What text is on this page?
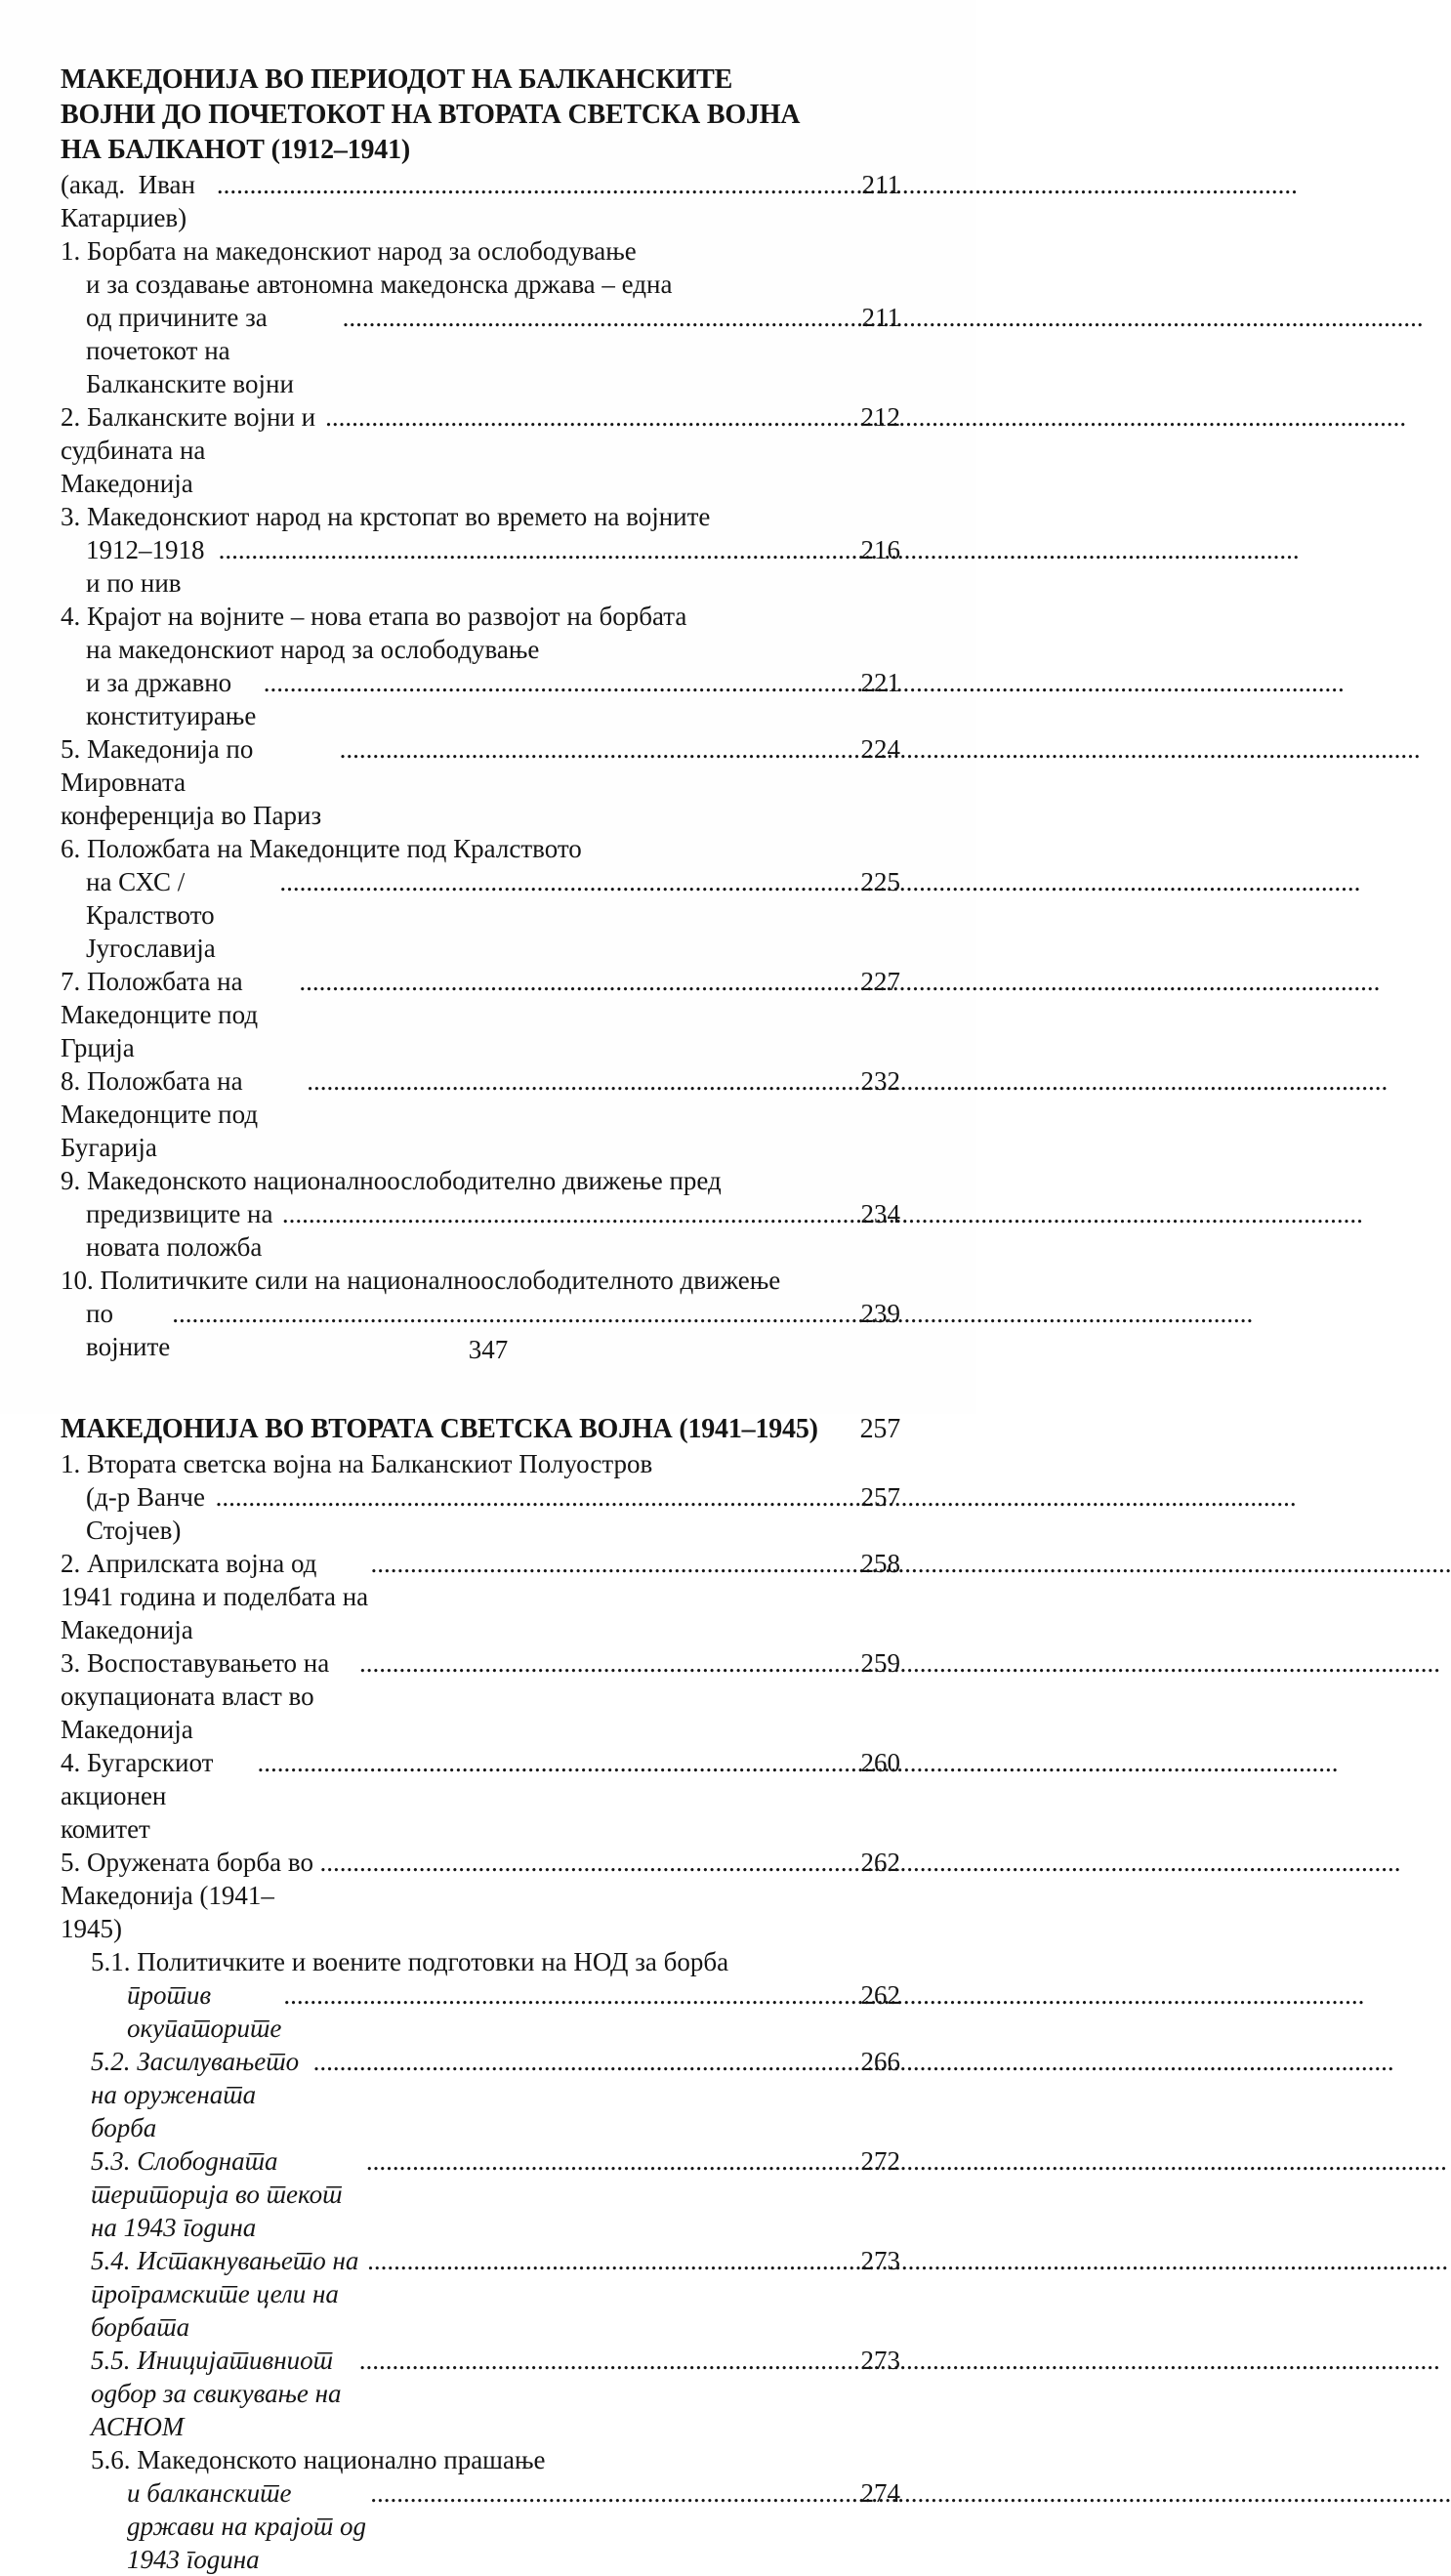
МАКЕДОНИЈА ВО ПЕРИОДОТ НА БАЛКАНСКИТЕ
ВОЈНИ ДО ПОЧЕТОКОТ НА ВТОРАТА СВЕТСКА ВОЈНА
НА БАЛКАНОТ (1912–1941)
(акад.  Иван Катарџиев)
.....
211
1. Борбата на македонскиот народ за ослободување
и за создавање автономна македонска држава – една
од причините за почетокот на Балканските војни
.....
211
2. Балканските војни и судбината на Македонија
.....
212
3. Македонскиот народ на крстопат во времето на војните
1912–1918 и по нив
.....
216
4. Крајот на војните – нова етапа во развојот на борбата
на македонскиот народ за ослободување
и за државно конституирање
.....
221
5. Македонија по Мировната конференција во Париз
.....
224
6. Положбата на Македонците под Кралството
на СХС / Кралството Југославија
.....
225
7. Положбата на Македонците под Грција
.....
227
8. Положбата на Македонците под Бугарија
.....
232
9. Македонското националноослободително движење пред
предизвиците на новата положба
.....
234
10. Политичките сили на националноослободителното движење
по војните
.....
239
МАКЕДОНИЈА ВО ВТОРАТА СВЕТСКА ВОЈНА (1941–1945)	257
1. Втората светска војна на Балканскиот Полуостров
(д-р Ванче Стојчев)
.....
257
2. Априлската војна од 1941 година и поделбата на Македонија
.....
258
3. Воспоставувањето на окупационата власт во Македонија
.....
259
4. Бугарскиот акционен комитет
.....
260
5. Оружената борба во Македонија (1941–1945)
.....
262
5.1. Политичките и воените подготовки на НОД за борба
против окупаторите
.....
262
5.2. Засилувањето на оружената борба
.....
266
5.3. Слободната територија во текот на 1943 година
.....
272
5.4. Истакнувањето на програмските цели на борбата
.....
273
5.5. Иницијативниот одбор за свикување на АСНОМ
.....
273
5.6. Македонското национално прашање
и балканските држави на крајот од 1943 година
.....
274
347
